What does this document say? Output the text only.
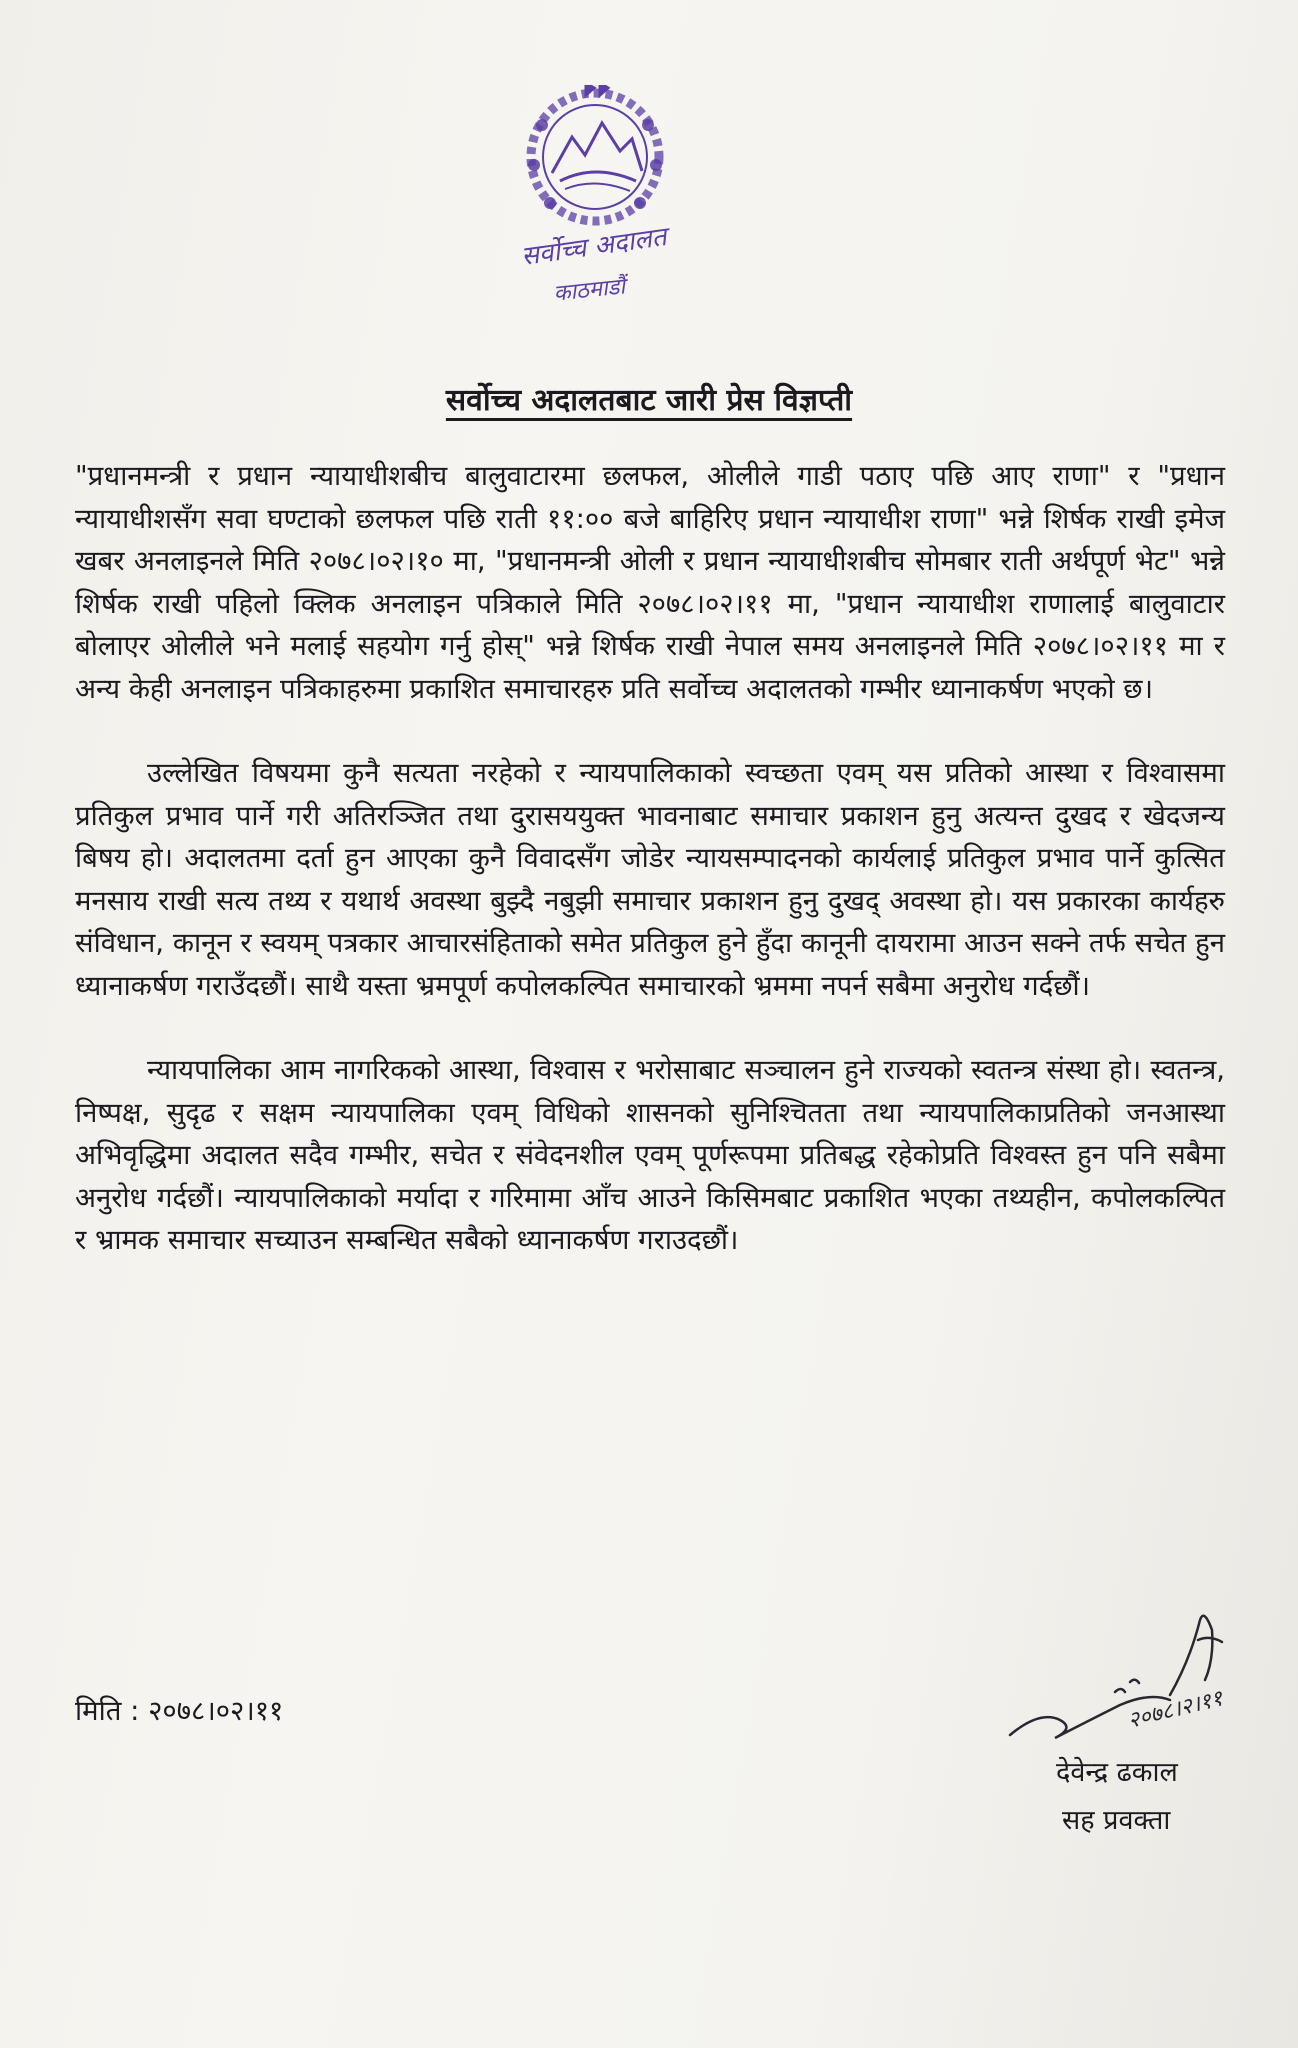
सर्वोच्च अदालत
काठमाडौं
सर्वोच्च अदालतबाट जारी प्रेस विज्ञप्ती

"प्रधानमन्त्री र प्रधान न्यायाधीशबीच बालुवाटारमा छलफल, ओलीले गाडी पठाए पछि आए राणा" र "प्रधान न्यायाधीशसँग सवा घण्टाको छलफल पछि राती ११:०० बजे बाहिरिए प्रधान न्यायाधीश राणा" भन्ने शिर्षक राखी इमेज खबर अनलाइनले मिति २०७८।०२।१० मा, "प्रधानमन्त्री ओली र प्रधान न्यायाधीशबीच सोमबार राती अर्थपूर्ण भेट" भन्ने शिर्षक राखी पहिलो क्लिक अनलाइन पत्रिकाले मिति २०७८।०२।११ मा, "प्रधान न्यायाधीश राणालाई बालुवाटार बोलाएर ओलीले भने मलाई सहयोग गर्नु होस्" भन्ने शिर्षक राखी नेपाल समय अनलाइनले मिति २०७८।०२।११ मा र अन्य केही अनलाइन पत्रिकाहरुमा प्रकाशित समाचारहरु प्रति सर्वोच्च अदालतको गम्भीर ध्यानाकर्षण भएको छ।

उल्लेखित विषयमा कुनै सत्यता नरहेको र न्यायपालिकाको स्वच्छता एवम् यस प्रतिको आस्था र विश्वासमा प्रतिकुल प्रभाव पार्ने गरी अतिरञ्जित तथा दुरासययुक्त भावनाबाट समाचार प्रकाशन हुनु अत्यन्त दुखद र खेदजन्य बिषय हो। अदालतमा दर्ता हुन आएका कुनै विवादसँग जोडेर न्यायसम्पादनको कार्यलाई प्रतिकुल प्रभाव पार्ने कुत्सित मनसाय राखी सत्य तथ्य र यथार्थ अवस्था बुझ्दै नबुझी समाचार प्रकाशन हुनु दुखद् अवस्था हो। यस प्रकारका कार्यहरु संविधान, कानून र स्वयम् पत्रकार आचारसंहिताको समेत प्रतिकुल हुने हुँदा कानूनी दायरामा आउन सक्ने तर्फ सचेत हुन ध्यानाकर्षण गराउँदछौं। साथै यस्ता भ्रमपूर्ण कपोलकल्पित समाचारको भ्रममा नपर्न सबैमा अनुरोध गर्दछौं।

न्यायपालिका आम नागरिकको आस्था, विश्वास र भरोसाबाट सञ्चालन हुने राज्यको स्वतन्त्र संस्था हो। स्वतन्त्र, निष्पक्ष, सुदृढ र सक्षम न्यायपालिका एवम् विधिको शासनको सुनिश्चितता तथा न्यायपालिकाप्रतिको जनआस्था अभिवृद्धिमा अदालत सदैव गम्भीर, सचेत र संवेदनशील एवम् पूर्णरूपमा प्रतिबद्ध रहेकोप्रति विश्वस्त हुन पनि सबैमा अनुरोध गर्दछौं। न्यायपालिकाको मर्यादा र गरिमामा आँच आउने किसिमबाट प्रकाशित भएका तथ्यहीन, कपोलकल्पित र भ्रामक समाचार सच्याउन सम्बन्धित सबैको ध्यानाकर्षण गराउदछौं।

मिति : २०७८।०२।११	२०७८।२।११
देवेन्द्र ढकाल
सह प्रवक्ता
